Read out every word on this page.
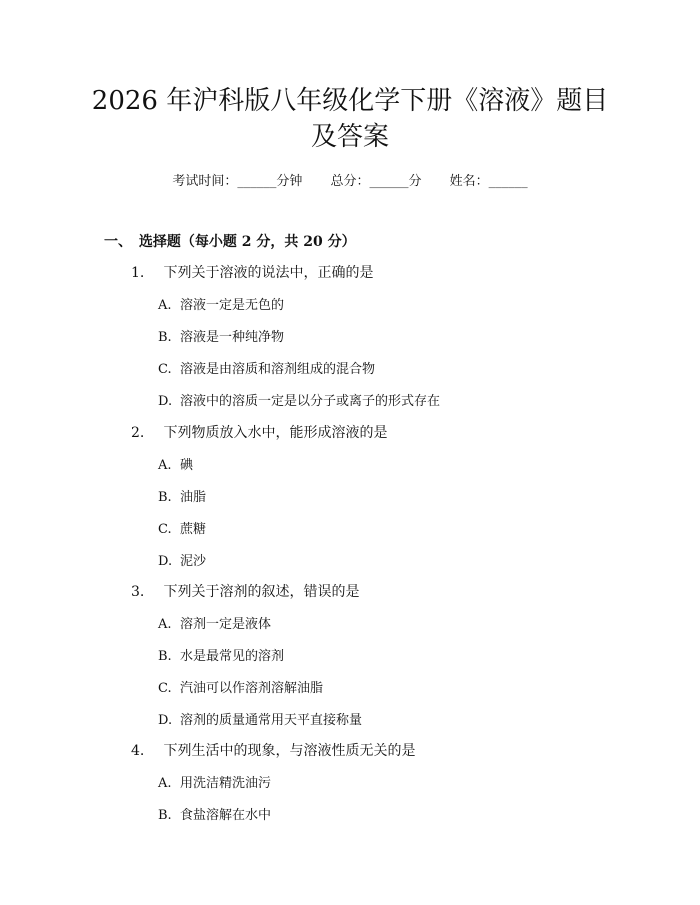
2026 年沪科版八年级化学下册《溶液》题目
及答案
考试时间：______分钟 总分：______分 姓名：______
一、 选择题（每小题 2 分，共 20 分）
1. 下列关于溶液的说法中，正确的是
A. 溶液一定是无色的
B. 溶液是一种纯净物
C. 溶液是由溶质和溶剂组成的混合物
D. 溶液中的溶质一定是以分子或离子的形式存在
2. 下列物质放入水中，能形成溶液的是
A. 碘
B. 油脂
C. 蔗糖
D. 泥沙
3. 下列关于溶剂的叙述，错误的是
A. 溶剂一定是液体
B. 水是最常见的溶剂
C. 汽油可以作溶剂溶解油脂
D. 溶剂的质量通常用天平直接称量
4. 下列生活中的现象，与溶液性质无关的是
A. 用洗洁精洗油污
B. 食盐溶解在水中
